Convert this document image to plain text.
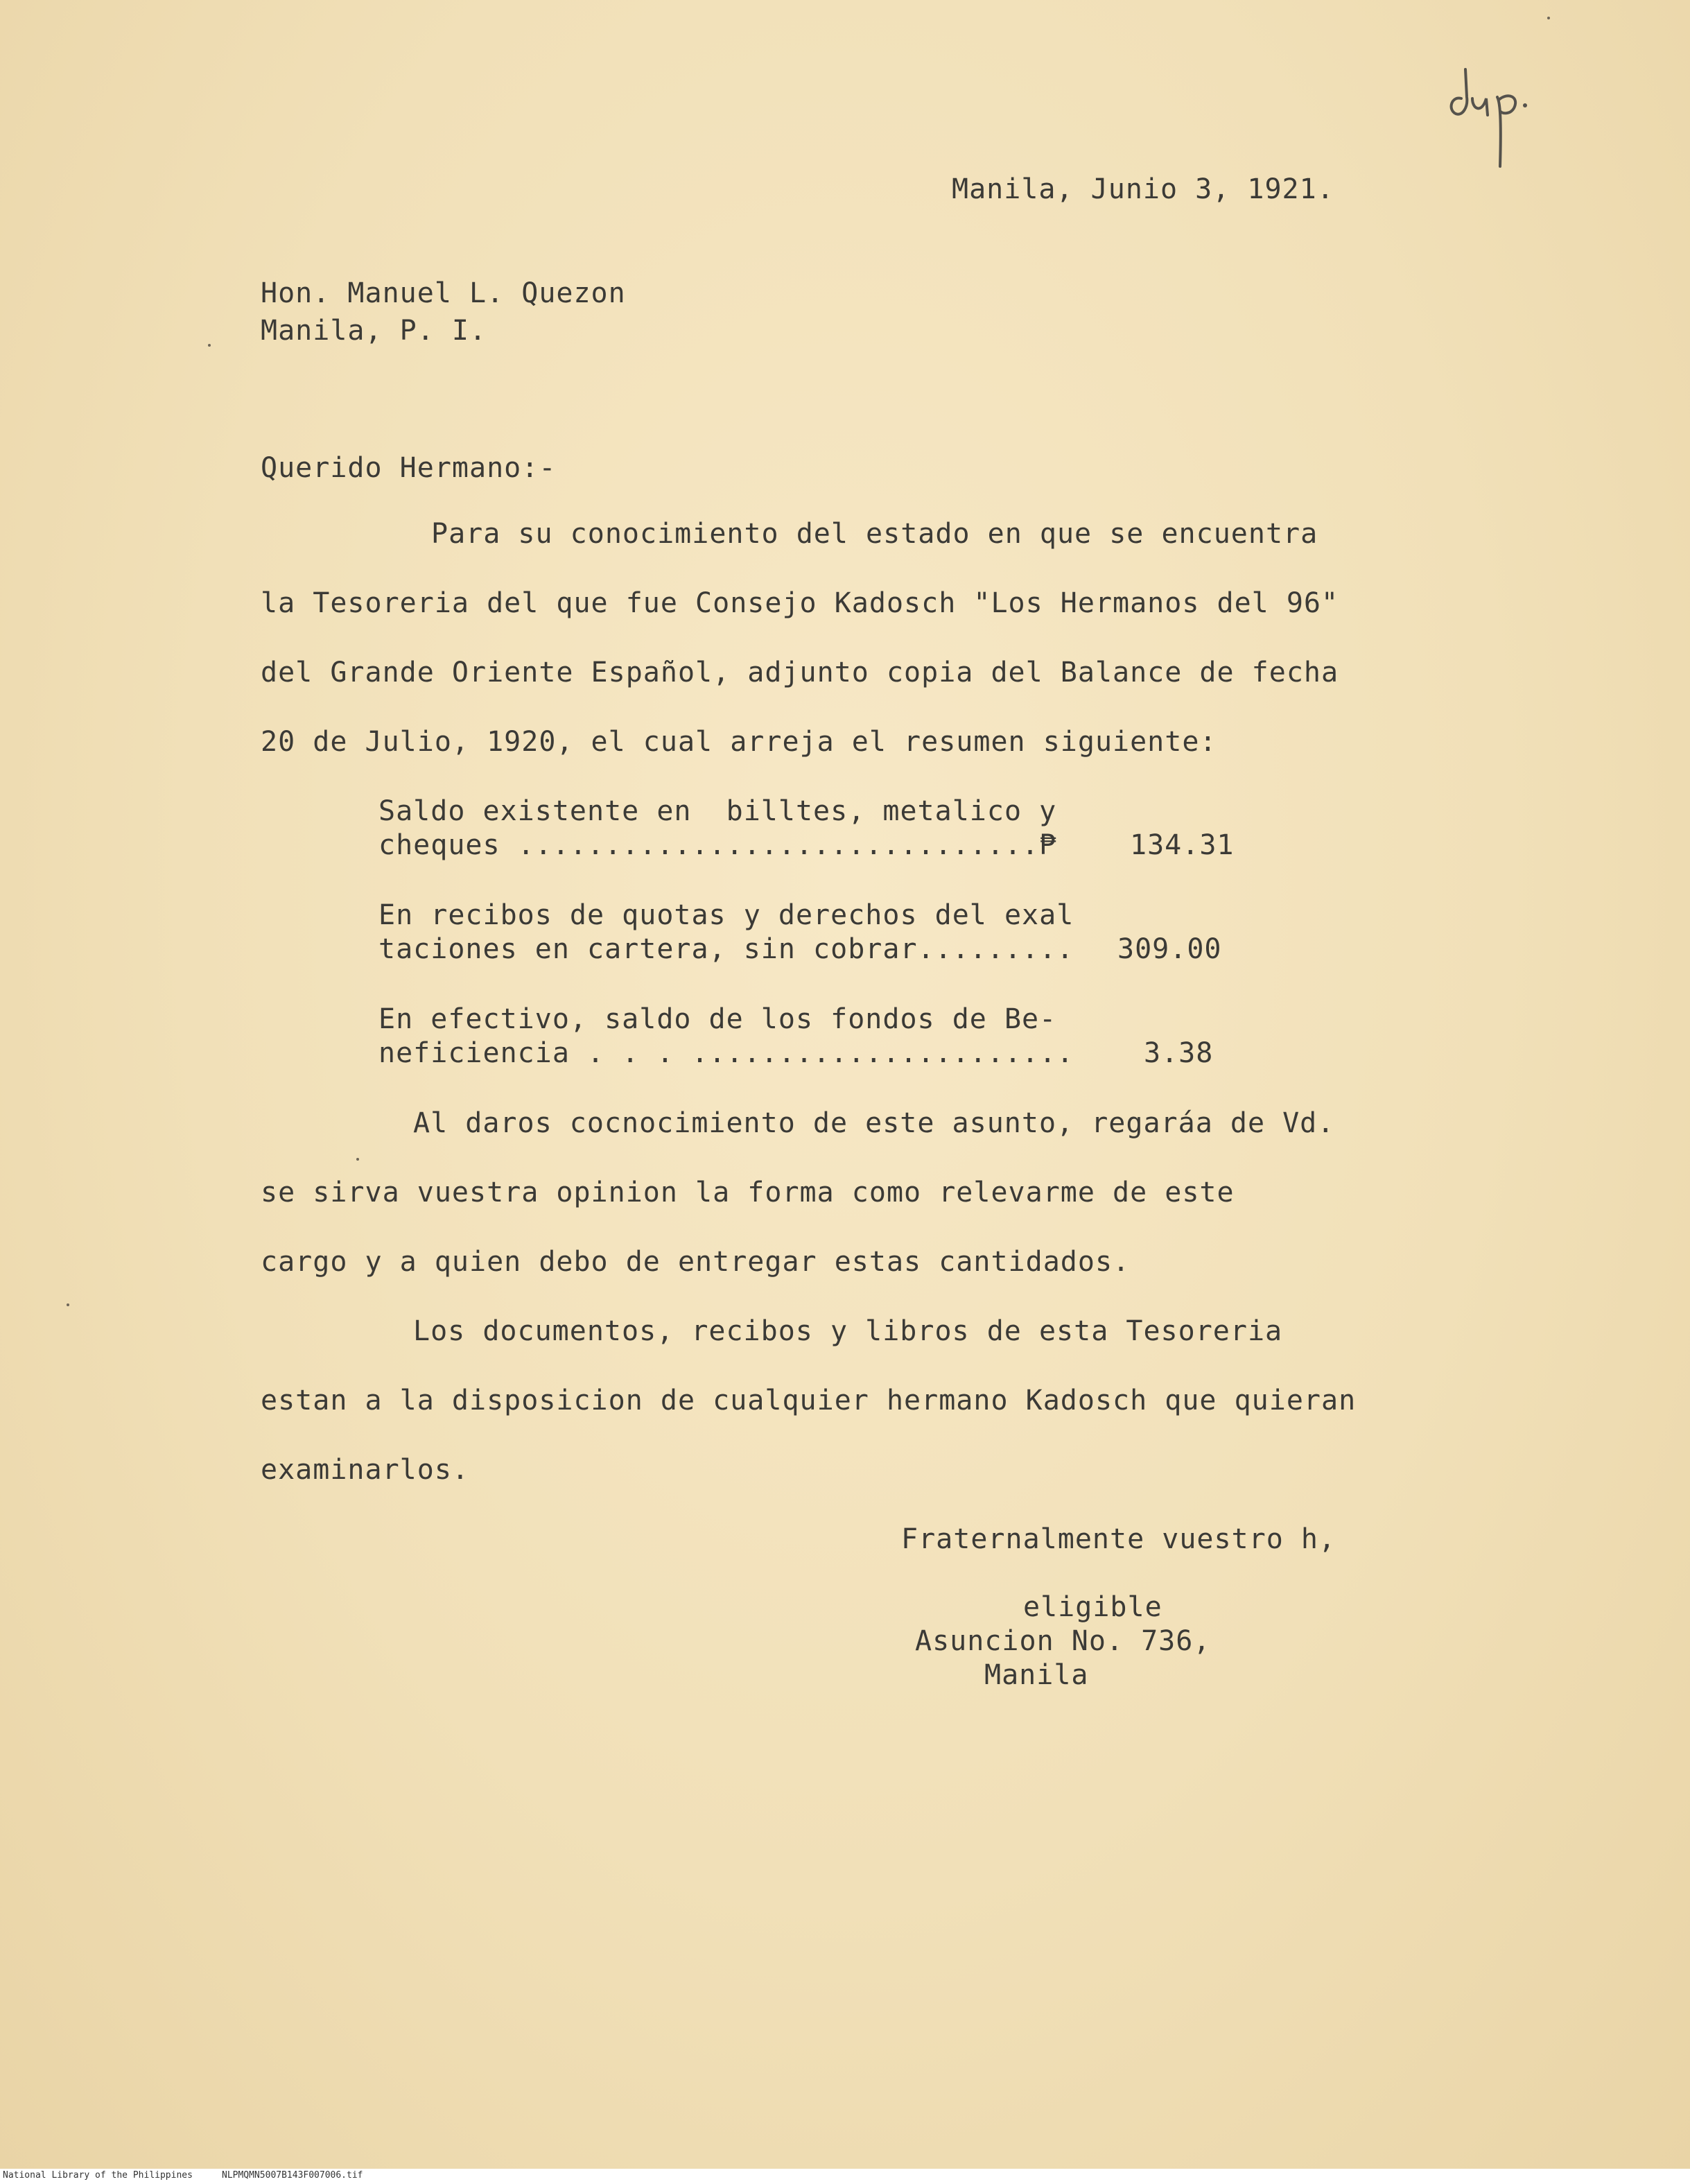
Manila, Junio 3, 1921.
Hon. Manuel L. Quezon
Manila, P. I.
Querido Hermano:-
Para su conocimiento del estado en que se encuentra
la Tesoreria del que fue Consejo Kadosch "Los Hermanos del 96"
del Grande Oriente Español, adjunto copia del Balance de fecha
20 de Julio, 1920, el cual arreja el resumen siguiente:
Saldo existente en  billtes, metalico y
cheques ..............................₱	134.31
En recibos de quotas y derechos del exal
taciones en cartera, sin cobrar......... 309.00
En efectivo, saldo de los fondos de Be-
neficiencia . . . ......................	3.38
Al daros cocnocimiento de este asunto, regaráa de Vd.
se sirva vuestra opinion la forma como relevarme de este
cargo y a quien debo de entregar estas cantidados.
Los documentos, recibos y libros de esta Tesoreria
estan a la disposicion de cualquier hermano Kadosch que quieran
examinarlos.
Fraternalmente vuestro h,
eligible
Asuncion No. 736,
Manila
National Library of the Philippines	NLPMQMN5007B143F007006.tif
